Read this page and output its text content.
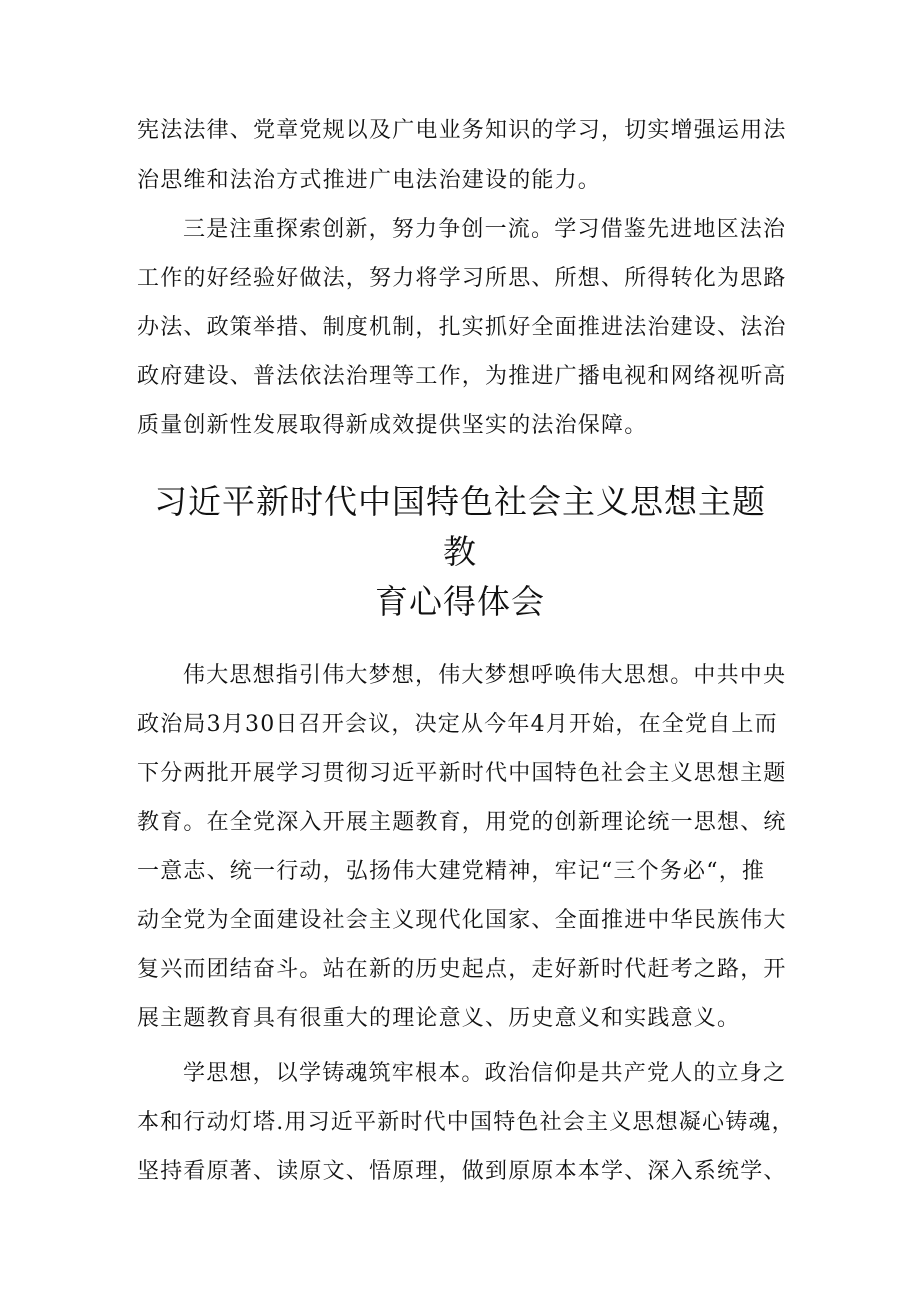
宪法法律、党章党规以及广电业务知识的学习，切实增强运用法
治思维和法治方式推进广电法治建设的能力。
三是注重探索创新，努力争创一流。学习借鉴先进地区法治
工作的好经验好做法，努力将学习所思、所想、所得转化为思路
办法、政策举措、制度机制，扎实抓好全面推进法治建设、法治
政府建设、普法依法治理等工作，为推进广播电视和网络视听高
质量创新性发展取得新成效提供坚实的法治保障。
习近平新时代中国特色社会主义思想主题
教
育心得体会
伟大思想指引伟大梦想，伟大梦想呼唤伟大思想。中共中央
政治局3月30日召开会议，决定从今年4月开始，在全党自上而
下分两批开展学习贯彻习近平新时代中国特色社会主义思想主题
教育。在全党深入开展主题教育，用党的创新理论统一思想、统
一意志、统一行动，弘扬伟大建党精神，牢记“三个务必“，推
动全党为全面建设社会主义现代化国家、全面推进中华民族伟大
复兴而团结奋斗。站在新的历史起点，走好新时代赶考之路，开
展主题教育具有很重大的理论意义、历史意义和实践意义。
学思想，以学铸魂筑牢根本。政治信仰是共产党人的立身之
本和行动灯塔.用习近平新时代中国特色社会主义思想凝心铸魂，
坚持看原著、读原文、悟原理，做到原原本本学、深入系统学、
